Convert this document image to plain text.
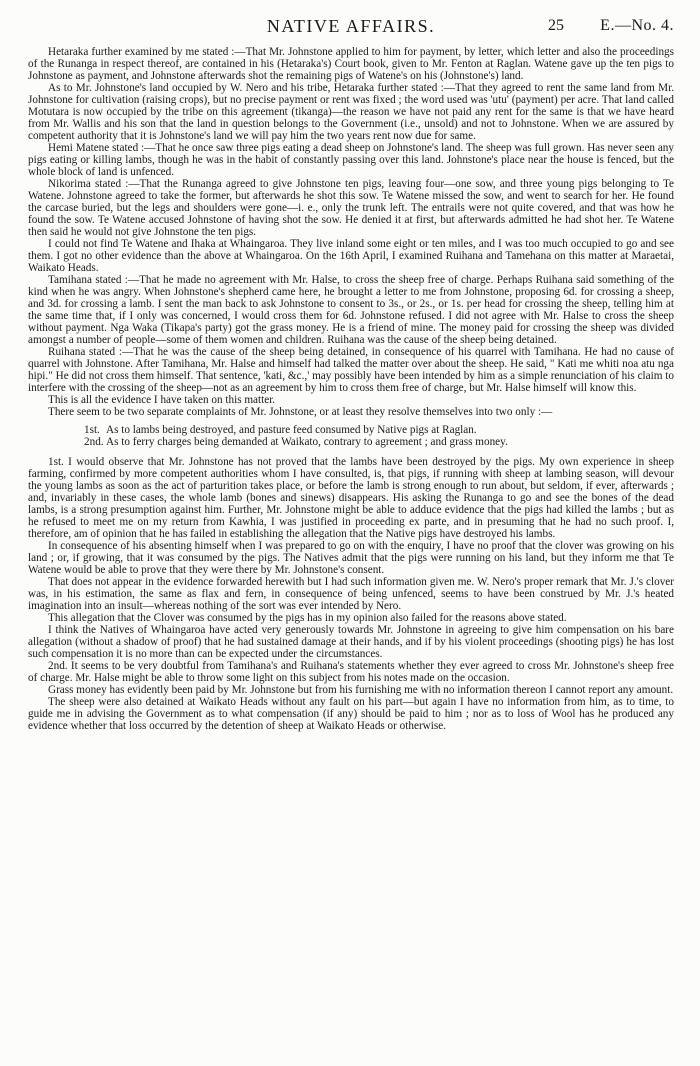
NATIVE AFFAIRS.	25 E.—No. 4.

Hetaraka further examined by me stated :—That Mr. Johnstone applied to him for payment, by letter, which letter and also the proceedings of the Runanga in respect thereof, are contained in his (Hetaraka's) Court book, given to Mr. Fenton at Raglan. Watene gave up the ten pigs to Johnstone as payment, and Johnstone afterwards shot the remaining pigs of Watene's on his (Johnstone's) land.

As to Mr. Johnstone's land occupied by W. Nero and his tribe, Hetaraka further stated :—That they agreed to rent the same land from Mr. Johnstone for cultivation (raising crops), but no precise payment or rent was fixed ; the word used was 'utu' (payment) per acre. That land called Motutara is now occupied by the tribe on this agreement (tikanga)—the reason we have not paid any rent for the same is that we have heard from Mr. Wallis and his son that the land in question belongs to the Government (i.e., unsold) and not to Johnstone. When we are assured by competent authority that it is Johnstone's land we will pay him the two years rent now due for same.

Hemi Matene stated :—That he once saw three pigs eating a dead sheep on Johnstone's land. The sheep was full grown. Has never seen any pigs eating or killing lambs, though he was in the habit of constantly passing over this land. Johnstone's place near the house is fenced, but the whole block of land is unfenced.

Nikorima stated :—That the Runanga agreed to give Johnstone ten pigs, leaving four—one sow, and three young pigs belonging to Te Watene. Johnstone agreed to take the former, but afterwards he shot this sow. Te Watene missed the sow, and went to search for her. He found the carcase buried, but the legs and shoulders were gone—i. e., only the trunk left. The entrails were not quite covered, and that was how he found the sow. Te Watene accused Johnstone of having shot the sow. He denied it at first, but afterwards admitted he had shot her. Te Watene then said he would not give Johnstone the ten pigs.

I could not find Te Watene and Ihaka at Whaingaroa. They live inland some eight or ten miles, and I was too much occupied to go and see them. I got no other evidence than the above at Whaingaroa. On the 16th April, I examined Ruihana and Tamehana on this matter at Maraetai, Waikato Heads.

Tamihana stated :—That he made no agreement with Mr. Halse, to cross the sheep free of charge. Perhaps Ruihana said something of the kind when he was angry. When Johnstone's shepherd came here, he brought a letter to me from Johnstone, proposing 6d. for crossing a sheep, and 3d. for crossing a lamb. I sent the man back to ask Johnstone to consent to 3s., or 2s., or 1s. per head for crossing the sheep, telling him at the same time that, if I only was concerned, I would cross them for 6d. Johnstone refused. I did not agree with Mr. Halse to cross the sheep without payment. Nga Waka (Tikapa's party) got the grass money. He is a friend of mine. The money paid for crossing the sheep was divided amongst a number of people—some of them women and children. Ruihana was the cause of the sheep being detained.

Ruihana stated :—That he was the cause of the sheep being detained, in consequence of his quarrel with Tamihana. He had no cause of quarrel with Johnstone. After Tamihana, Mr. Halse and himself had talked the matter over about the sheep. He said, " Kati me whiti noa atu nga hipi." He did not cross them himself. That sentence, 'kati, &c.,' may possibly have been intended by him as a simple renunciation of his claim to interfere with the crossing of the sheep—not as an agreement by him to cross them free of charge, but Mr. Halse himself will know this.

This is all the evidence I have taken on this matter.

There seem to be two separate complaints of Mr. Johnstone, or at least they resolve themselves into two only :—

1st. As to lambs being destroyed, and pasture feed consumed by Native pigs at Raglan.
2nd. As to ferry charges being demanded at Waikato, contrary to agreement ; and grass money.

1st. I would observe that Mr. Johnstone has not proved that the lambs have been destroyed by the pigs. My own experience in sheep farming, confirmed by more competent authorities whom I have consulted, is, that pigs, if running with sheep at lambing season, will devour the young lambs as soon as the act of parturition takes place, or before the lamb is strong enough to run about, but seldom, if ever, afterwards ; and, invariably in these cases, the whole lamb (bones and sinews) disappears. His asking the Runanga to go and see the bones of the dead lambs, is a strong presumption against him. Further, Mr. Johnstone might be able to adduce evidence that the pigs had killed the lambs ; but as he refused to meet me on my return from Kawhia, I was justified in proceeding ex parte, and in presuming that he had no such proof. I, therefore, am of opinion that he has failed in establishing the allegation that the Native pigs have destroyed his lambs.

In consequence of his absenting himself when I was prepared to go on with the enquiry, I have no proof that the clover was growing on his land ; or, if growing, that it was consumed by the pigs. The Natives admit that the pigs were running on his land, but they inform me that Te Watene would be able to prove that they were there by Mr. Johnstone's consent.

That does not appear in the evidence forwarded herewith but I had such information given me. W. Nero's proper remark that Mr. J.'s clover was, in his estimation, the same as flax and fern, in consequence of being unfenced, seems to have been construed by Mr. J.'s heated imagination into an insult—whereas nothing of the sort was ever intended by Nero.

This allegation that the Clover was consumed by the pigs has in my opinion also failed for the reasons above stated.

I think the Natives of Whaingaroa have acted very generously towards Mr. Johnstone in agreeing to give him compensation on his bare allegation (without a shadow of proof) that he had sustained damage at their hands, and if by his violent proceedings (shooting pigs) he has lost such compensation it is no more than can be expected under the circumstances.

2nd. It seems to be very doubtful from Tamihana's and Ruihana's statements whether they ever agreed to cross Mr. Johnstone's sheep free of charge. Mr. Halse might be able to throw some light on this subject from his notes made on the occasion.

Grass money has evidently been paid by Mr. Johnstone but from his furnishing me with no information thereon I cannot report any amount.

The sheep were also detained at Waikato Heads without any fault on his part—but again I have no information from him, as to time, to guide me in advising the Government as to what compensation (if any) should be paid to him ; nor as to loss of Wool has he produced any evidence whether that loss occurred by the detention of sheep at Waikato Heads or otherwise.
